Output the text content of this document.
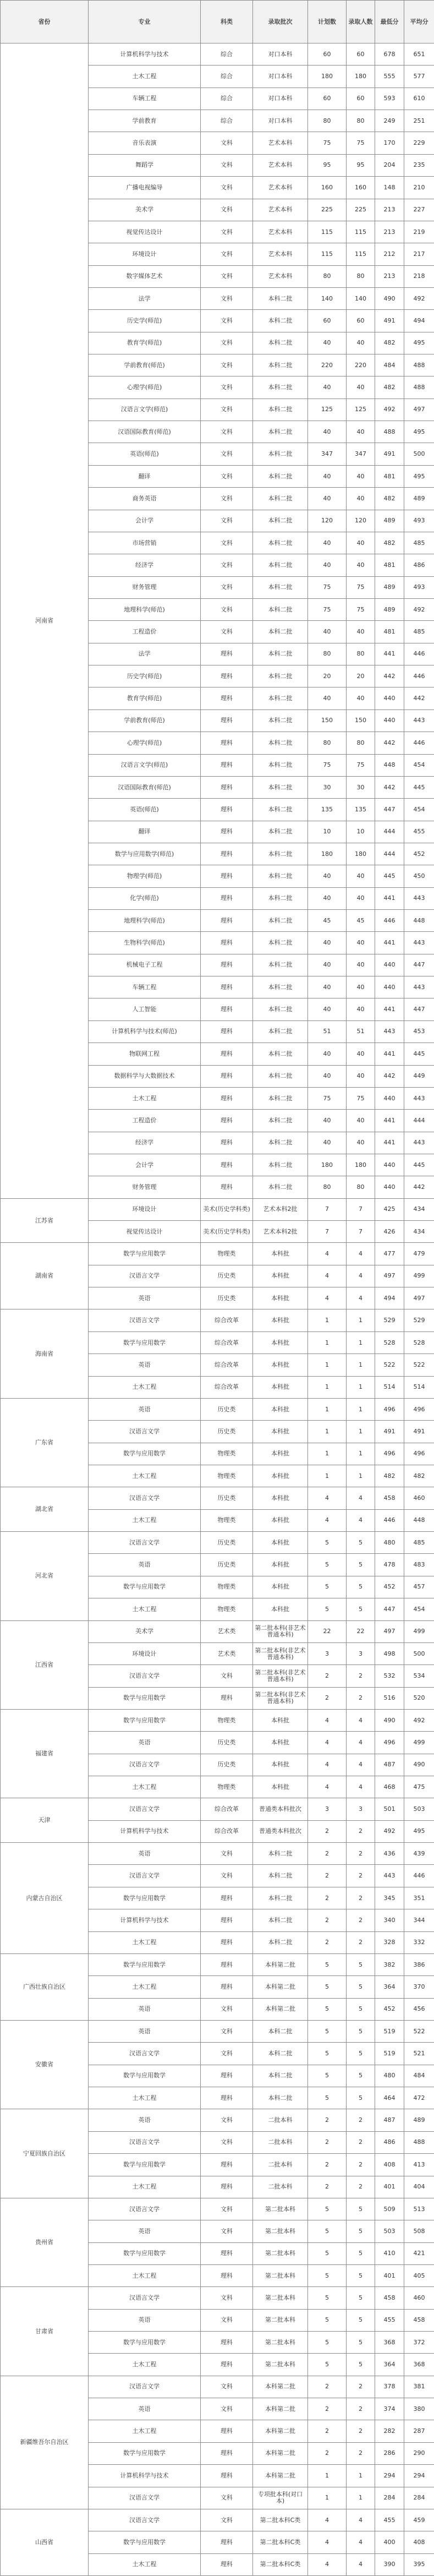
省份	专业	科类	录取批次	计划数	录取人数	最低分	平均分
河南省	计算机科学与技术	综合	对口本科	60	60	678	651
	土木工程	综合	对口本科	180	180	555	577
	车辆工程	综合	对口本科	60	60	593	610
	学前教育	综合	对口本科	80	80	249	251
	音乐表演	文科	艺术本科	75	75	170	229
	舞蹈学	文科	艺术本科	95	95	204	235
	广播电视编导	文科	艺术本科	160	160	148	210
	美术学	文科	艺术本科	225	225	213	227
	视觉传达设计	文科	艺术本科	115	115	213	219
	环境设计	文科	艺术本科	115	115	212	217
	数字媒体艺术	文科	艺术本科	80	80	213	218
	法学	文科	本科二批	140	140	490	492
	历史学(师范)	文科	本科二批	60	60	491	494
	教育学(师范)	文科	本科二批	40	40	482	495
	学前教育(师范)	文科	本科二批	220	220	484	488
	心理学(师范)	文科	本科二批	40	40	482	488
	汉语言文学(师范)	文科	本科二批	125	125	492	497
	汉语国际教育(师范)	文科	本科二批	40	40	488	495
	英语(师范)	文科	本科二批	347	347	491	500
	翻译	文科	本科二批	40	40	481	495
	商务英语	文科	本科二批	40	40	482	489
	会计学	文科	本科二批	120	120	489	493
	市场营销	文科	本科二批	40	40	482	485
	经济学	文科	本科二批	40	40	481	486
	财务管理	文科	本科二批	75	75	489	493
	地理科学(师范)	文科	本科二批	75	75	489	492
	工程造价	文科	本科二批	40	40	481	485
	法学	理科	本科二批	80	80	441	446
	历史学(师范)	理科	本科二批	20	20	442	446
	教育学(师范)	理科	本科二批	40	40	440	442
	学前教育(师范)	理科	本科二批	150	150	440	443
	心理学(师范)	理科	本科二批	80	80	442	446
	汉语言文学(师范)	理科	本科二批	75	75	448	454
	汉语国际教育(师范)	理科	本科二批	30	30	442	445
	英语(师范)	理科	本科二批	135	135	447	454
	翻译	理科	本科二批	10	10	444	455
	数学与应用数学(师范)	理科	本科二批	180	180	444	452
	物理学(师范)	理科	本科二批	40	40	445	450
	化学(师范)	理科	本科二批	40	40	441	443
	地理科学(师范)	理科	本科二批	45	45	446	448
	生物科学(师范)	理科	本科二批	40	40	441	443
	机械电子工程	理科	本科二批	40	40	440	447
	车辆工程	理科	本科二批	40	40	440	443
	人工智能	理科	本科二批	40	40	441	447
	计算机科学与技术(师范)	理科	本科二批	51	51	443	453
	物联网工程	理科	本科二批	40	40	441	445
	数据科学与大数据技术	理科	本科二批	40	40	442	449
	土木工程	理科	本科二批	75	75	440	443
	工程造价	理科	本科二批	40	40	441	444
	经济学	理科	本科二批	40	40	441	443
	会计学	理科	本科二批	180	180	440	445
	财务管理	理科	本科二批	80	80	440	442
江苏省	环境设计	美术(历史学科类)	艺术本科2批	7	7	425	434
	视觉传达设计	美术(历史学科类)	艺术本科2批	7	7	426	434
湖南省	数学与应用数学	物理类	本科批	4	4	477	479
	汉语言文学	历史类	本科批	4	4	497	499
	英语	历史类	本科批	4	4	494	497
海南省	汉语言文学	综合改革	本科批	1	1	529	529
	数学与应用数学	综合改革	本科批	1	1	528	528
	英语	综合改革	本科批	1	1	522	522
	土木工程	综合改革	本科批	1	1	514	514
广东省	英语	历史类	本科批	1	1	496	496
	汉语言文学	历史类	本科批	1	1	491	491
	数学与应用数学	物理类	本科批	1	1	496	496
	土木工程	物理类	本科批	1	1	482	482
湖北省	汉语言文学	历史类	本科批	4	4	458	460
	土木工程	物理类	本科批	4	4	446	448
河北省	汉语言文学	历史类	本科批	5	5	480	485
	英语	历史类	本科批	5	5	478	483
	数学与应用数学	物理类	本科批	5	5	452	457
	土木工程	物理类	本科批	5	5	447	454
江西省	美术学	艺术类	第二批本科(非艺术普通本科)	22	22	497	499
	环境设计	艺术类	第二批本科(非艺术普通本科)	3	3	498	500
	汉语言文学	文科	第二批本科(非艺术普通本科)	2	2	532	534
	数学与应用数学	理科	第二批本科(非艺术普通本科)	2	2	516	520
福建省	数学与应用数学	物理类	本科批	4	4	490	492
	英语	历史类	本科批	4	4	496	499
	汉语言文学	历史类	本科批	4	4	487	490
	土木工程	物理类	本科批	4	4	468	475
天津	汉语言文学	综合改革	普通类本科批次	3	3	501	503
	计算机科学与技术	综合改革	普通类本科批次	2	2	492	495
内蒙古自治区	英语	文科	本科二批	2	2	436	439
	汉语言文学	文科	本科二批	2	2	443	446
	数学与应用数学	理科	本科二批	2	2	345	351
	计算机科学与技术	理科	本科二批	2	2	340	344
	土木工程	理科	本科二批	2	2	328	332
广西壮族自治区	数学与应用数学	理科	本科第二批	5	5	382	386
	土木工程	理科	本科第二批	5	5	364	370
	英语	文科	本科第二批	5	5	452	456
安徽省	英语	文科	本科二批	5	5	519	522
	汉语言文学	文科	本科二批	5	5	519	521
	数学与应用数学	理科	本科二批	5	5	480	484
	土木工程	理科	本科二批	5	5	464	472
宁夏回族自治区	英语	文科	二批本科	2	2	487	489
	汉语言文学	文科	二批本科	2	2	486	488
	数学与应用数学	理科	二批本科	2	2	408	413
	土木工程	理科	二批本科	2	2	401	404
贵州省	汉语言文学	文科	第二批本科	5	5	509	513
	英语	文科	第二批本科	5	5	503	508
	数学与应用数学	理科	第二批本科	5	5	410	421
	土木工程	理科	第二批本科	5	5	401	405
甘肃省	汉语言文学	文科	第二批本科	5	5	458	460
	英语	文科	第二批本科	5	5	455	458
	数学与应用数学	理科	第二批本科	5	5	368	372
	土木工程	理科	第二批本科	5	5	364	368
新疆维吾尔自治区	汉语言文学	文科	本科第二批	2	2	378	381
	英语	文科	本科第二批	2	2	374	380
	土木工程	理科	本科第二批	2	2	282	287
	数学与应用数学	理科	本科第二批	2	2	286	290
	计算机科学与技术	理科	本科第二批	1	1	294	294
	汉语言文学	文科	专项批本科(对口本)	1	1	284	284
山西省	汉语言文学	文科	第二批本科C类	4	4	455	459
	数学与应用数学	理科	第二批本科C类	4	4	400	408
	土木工程	理科	第二批本科C类	4	4	390	395
